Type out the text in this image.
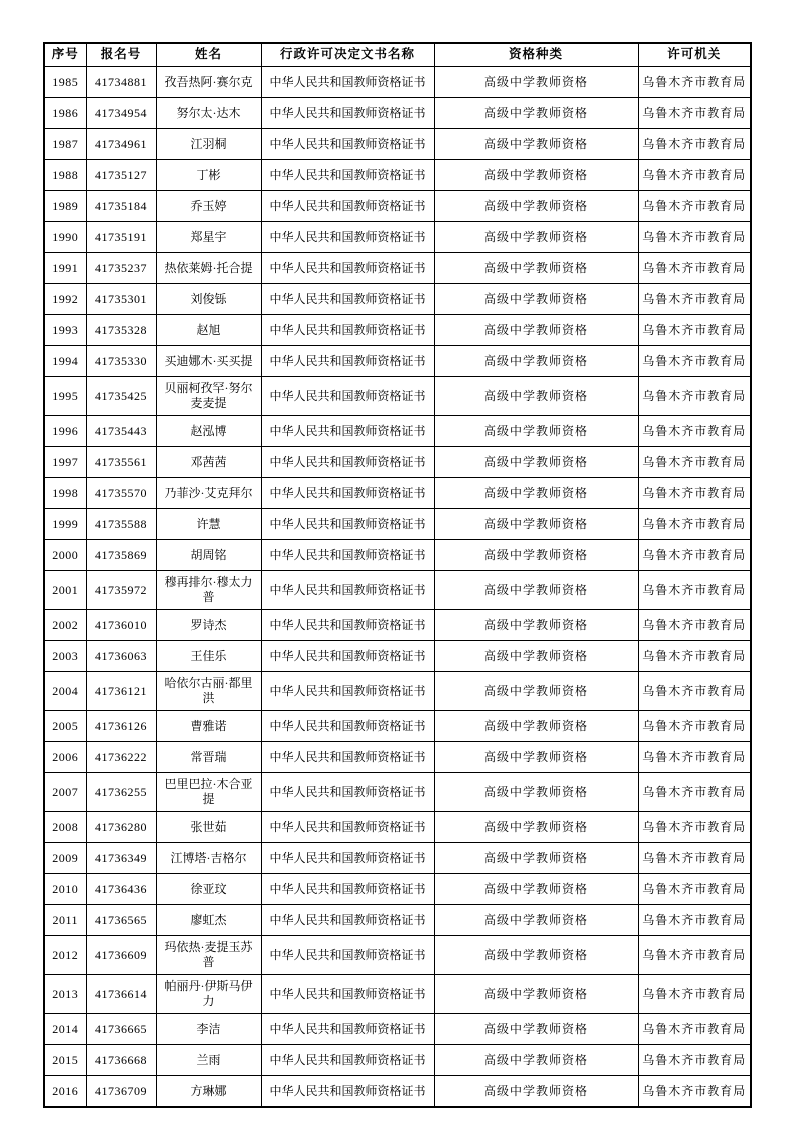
序号	报名号	姓名	行政许可决定文书名称	资格种类	许可机关
1985	41734881	孜吾热阿·赛尔克	中华人民共和国教师资格证书	高级中学教师资格	乌鲁木齐市教育局
1986	41734954	努尔太·达木	中华人民共和国教师资格证书	高级中学教师资格	乌鲁木齐市教育局
1987	41734961	江羽桐	中华人民共和国教师资格证书	高级中学教师资格	乌鲁木齐市教育局
1988	41735127	丁彬	中华人民共和国教师资格证书	高级中学教师资格	乌鲁木齐市教育局
1989	41735184	乔玉婷	中华人民共和国教师资格证书	高级中学教师资格	乌鲁木齐市教育局
1990	41735191	郑星宇	中华人民共和国教师资格证书	高级中学教师资格	乌鲁木齐市教育局
1991	41735237	热依莱姆·托合提	中华人民共和国教师资格证书	高级中学教师资格	乌鲁木齐市教育局
1992	41735301	刘俊铄	中华人民共和国教师资格证书	高级中学教师资格	乌鲁木齐市教育局
1993	41735328	赵旭	中华人民共和国教师资格证书	高级中学教师资格	乌鲁木齐市教育局
1994	41735330	买迪娜木·买买提	中华人民共和国教师资格证书	高级中学教师资格	乌鲁木齐市教育局
1995	41735425	贝丽柯孜罕·努尔麦麦提	中华人民共和国教师资格证书	高级中学教师资格	乌鲁木齐市教育局
1996	41735443	赵泓博	中华人民共和国教师资格证书	高级中学教师资格	乌鲁木齐市教育局
1997	41735561	邓茜茜	中华人民共和国教师资格证书	高级中学教师资格	乌鲁木齐市教育局
1998	41735570	乃菲沙·艾克拜尔	中华人民共和国教师资格证书	高级中学教师资格	乌鲁木齐市教育局
1999	41735588	许慧	中华人民共和国教师资格证书	高级中学教师资格	乌鲁木齐市教育局
2000	41735869	胡周铭	中华人民共和国教师资格证书	高级中学教师资格	乌鲁木齐市教育局
2001	41735972	穆再排尔·穆太力普	中华人民共和国教师资格证书	高级中学教师资格	乌鲁木齐市教育局
2002	41736010	罗诗杰	中华人民共和国教师资格证书	高级中学教师资格	乌鲁木齐市教育局
2003	41736063	王佳乐	中华人民共和国教师资格证书	高级中学教师资格	乌鲁木齐市教育局
2004	41736121	哈依尔古丽·都里洪	中华人民共和国教师资格证书	高级中学教师资格	乌鲁木齐市教育局
2005	41736126	曹雅诺	中华人民共和国教师资格证书	高级中学教师资格	乌鲁木齐市教育局
2006	41736222	常晋瑞	中华人民共和国教师资格证书	高级中学教师资格	乌鲁木齐市教育局
2007	41736255	巴里巴拉·木合亚提	中华人民共和国教师资格证书	高级中学教师资格	乌鲁木齐市教育局
2008	41736280	张世茹	中华人民共和国教师资格证书	高级中学教师资格	乌鲁木齐市教育局
2009	41736349	江博塔·吉格尔	中华人民共和国教师资格证书	高级中学教师资格	乌鲁木齐市教育局
2010	41736436	徐亚玟	中华人民共和国教师资格证书	高级中学教师资格	乌鲁木齐市教育局
2011	41736565	廖虹杰	中华人民共和国教师资格证书	高级中学教师资格	乌鲁木齐市教育局
2012	41736609	玛依热·麦提玉苏普	中华人民共和国教师资格证书	高级中学教师资格	乌鲁木齐市教育局
2013	41736614	帕丽丹·伊斯马伊力	中华人民共和国教师资格证书	高级中学教师资格	乌鲁木齐市教育局
2014	41736665	李洁	中华人民共和国教师资格证书	高级中学教师资格	乌鲁木齐市教育局
2015	41736668	兰雨	中华人民共和国教师资格证书	高级中学教师资格	乌鲁木齐市教育局
2016	41736709	方琳娜	中华人民共和国教师资格证书	高级中学教师资格	乌鲁木齐市教育局
